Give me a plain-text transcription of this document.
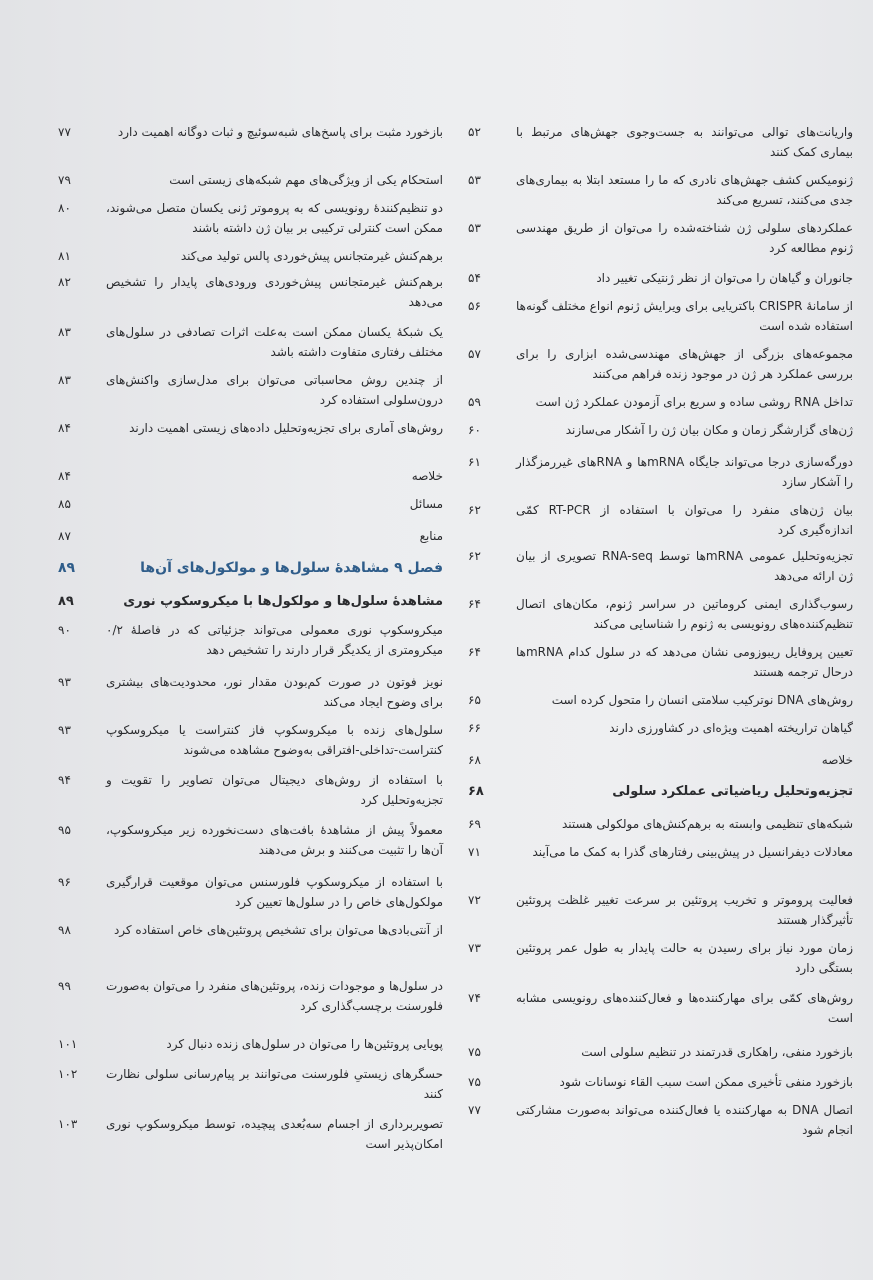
واریانت‌های توالی می‌توانند به جست‌وجوی جهش‌های مرتبط با بیماری کمک کنند
۵۲
ژنومیکس کشف جهش‌های نادری که ما را مستعد ابتلا به بیماری‌های جدی می‌کنند، تسریع می‌کند
۵۳
عملکردهای سلولی ژن شناخته‌شده را می‌توان از طریق مهندسی ژنوم مطالعه کرد
۵۳
جانوران و گیاهان را می‌توان از نظر ژنتیکی تغییر داد
۵۴
از سامانهٔ CRISPR باکتریایی برای ویرایش ژنوم انواع مختلف گونه‌ها استفاده شده است
۵۶
مجموعه‌های بزرگی از جهش‌های مهندسی‌شده ابزاری را برای بررسی عملکرد هر ژن در موجود زنده فراهم می‌کنند
۵۷
تداخل RNA روشی ساده و سریع برای آزمودن عملکرد ژن است
۵۹
ژن‌های گزارشگر زمان و مکان بیان ژن را آشکار می‌سازند
۶۰
دورگه‌سازی درجا می‌تواند جایگاه mRNAها و RNAهای غیررمزگذار را آشکار سازد
۶۱
بیان ژن‌های منفرد را می‌توان با استفاده از RT-PCR کمّی اندازه‌گیری کرد
۶۲
تجزیه‌وتحلیل عمومی mRNAها توسط RNA-seq تصویری از بیان ژن ارائه می‌دهد
۶۲
رسوب‌گذاری ایمنی کروماتین در سراسر ژنوم، مکان‌های اتصال تنظیم‌کننده‌های رونویسی به ژنوم را شناسایی می‌کند
۶۴
تعیین پروفایل ریبوزومی نشان می‌دهد که در سلول کدام mRNAها درحال ترجمه هستند
۶۴
روش‌های DNA نوترکیب سلامتی انسان را متحول کرده است
۶۵
گیاهان تراریخته اهمیت ویژه‌ای در کشاورزی دارند
۶۶
خلاصه
۶۸
تجزیه‌وتحلیل ریاضیاتی عملکرد سلولی
۶۸
شبکه‌های تنظیمی وابسته به برهم‌کنش‌های مولکولی هستند
۶۹
معادلات دیفرانسیل در پیش‌بینی رفتارهای گذرا به کمک ما می‌آیند
۷۱
فعالیت پروموتر و تخریب پروتئین بر سرعت تغییر غلظت پروتئین تأثیرگذار هستند
۷۲
زمان مورد نیاز برای رسیدن به حالت پایدار به طول عمر پروتئین بستگی دارد
۷۳
روش‌های کمّی برای مهارکننده‌ها و فعال‌کننده‌های رونویسی مشابه است
۷۴
بازخورد منفی، راهکاری قدرتمند در تنظیم سلولی است
۷۵
بازخورد منفی تأخیری ممکن است سبب القاء نوسانات شود
۷۵
اتصال DNA به مهارکننده یا فعال‌کننده می‌تواند به‌صورت مشارکتی انجام شود
۷۷
بازخورد مثبت برای پاسخ‌های شبه‌سوئیچ و ثبات دوگانه اهمیت دارد
۷۷
استحکام یکی از ویژگی‌های مهم شبکه‌های زیستی است
۷۹
دو تنظیم‌کنندهٔ رونویسی که به پروموتر ژنی یکسان متصل می‌شوند، ممکن است کنترلی ترکیبی بر بیان ژن داشته باشند
۸۰
برهم‌کنش غیرمتجانس پیش‌خوردی پالس تولید می‌کند
۸۱
برهم‌کنش غیرمتجانس پیش‌خوردی ورودی‌های پایدار را تشخیص می‌دهد
۸۲
یک شبکهٔ یکسان ممکن است به‌علت اثرات تصادفی در سلول‌های مختلف رفتاری متفاوت داشته باشد
۸۳
از چندین روش محاسباتی می‌توان برای مدل‌سازی واکنش‌های درون‌سلولی استفاده کرد
۸۳
روش‌های آماری برای تجزیه‌وتحلیل داده‌های زیستی اهمیت دارند
۸۴
خلاصه
۸۴
مسائل
۸۵
منابع
۸۷
فصل ۹ مشاهدهٔ سلول‌ها و مولکول‌های آن‌ها
۸۹
مشاهدهٔ سلول‌ها و مولکول‌ها با میکروسکوپ نوری
۸۹
میکروسکوپ نوری معمولی می‌تواند جزئیاتی که در فاصلهٔ ۰/۲ میکرومتری از یکدیگر قرار دارند را تشخیص دهد
۹۰
نویز فوتون در صورت کم‌بودن مقدار نور، محدودیت‌های بیشتری برای وضوح ایجاد می‌کند
۹۳
سلول‌های زنده با میکروسکوپ فاز کنتراست یا میکروسکوپ کنتراست-تداخلی-افتراقی به‌وضوح مشاهده می‌شوند
۹۳
با استفاده از روش‌های دیجیتال می‌توان تصاویر را تقویت و تجزیه‌وتحلیل کرد
۹۴
معمولاً پیش از مشاهدهٔ بافت‌های دست‌نخورده زیر میکروسکوپ، آن‌ها را تثبیت می‌کنند و برش می‌دهند
۹۵
با استفاده از میکروسکوپ فلورسنس می‌توان موقعیت قرارگیری مولکول‌های خاص را در سلول‌ها تعیین کرد
۹۶
از آنتی‌بادی‌ها می‌توان برای تشخیص پروتئین‌های خاص استفاده کرد
۹۸
در سلول‌ها و موجودات زنده، پروتئین‌های منفرد را می‌توان به‌صورت فلورسنت برچسب‌گذاری کرد
۹۹
پویایی پروتئین‌ها را می‌توان در سلول‌های زنده دنبال کرد
۱۰۱
حسگرهای زیستیِ فلورسنت می‌توانند بر پیام‌رسانی سلولی نظارت کنند
۱۰۲
تصویربرداری از اجسام سه‌بُعدی پیچیده، توسط میکروسکوپ نوری امکان‌پذیر است
۱۰۳
